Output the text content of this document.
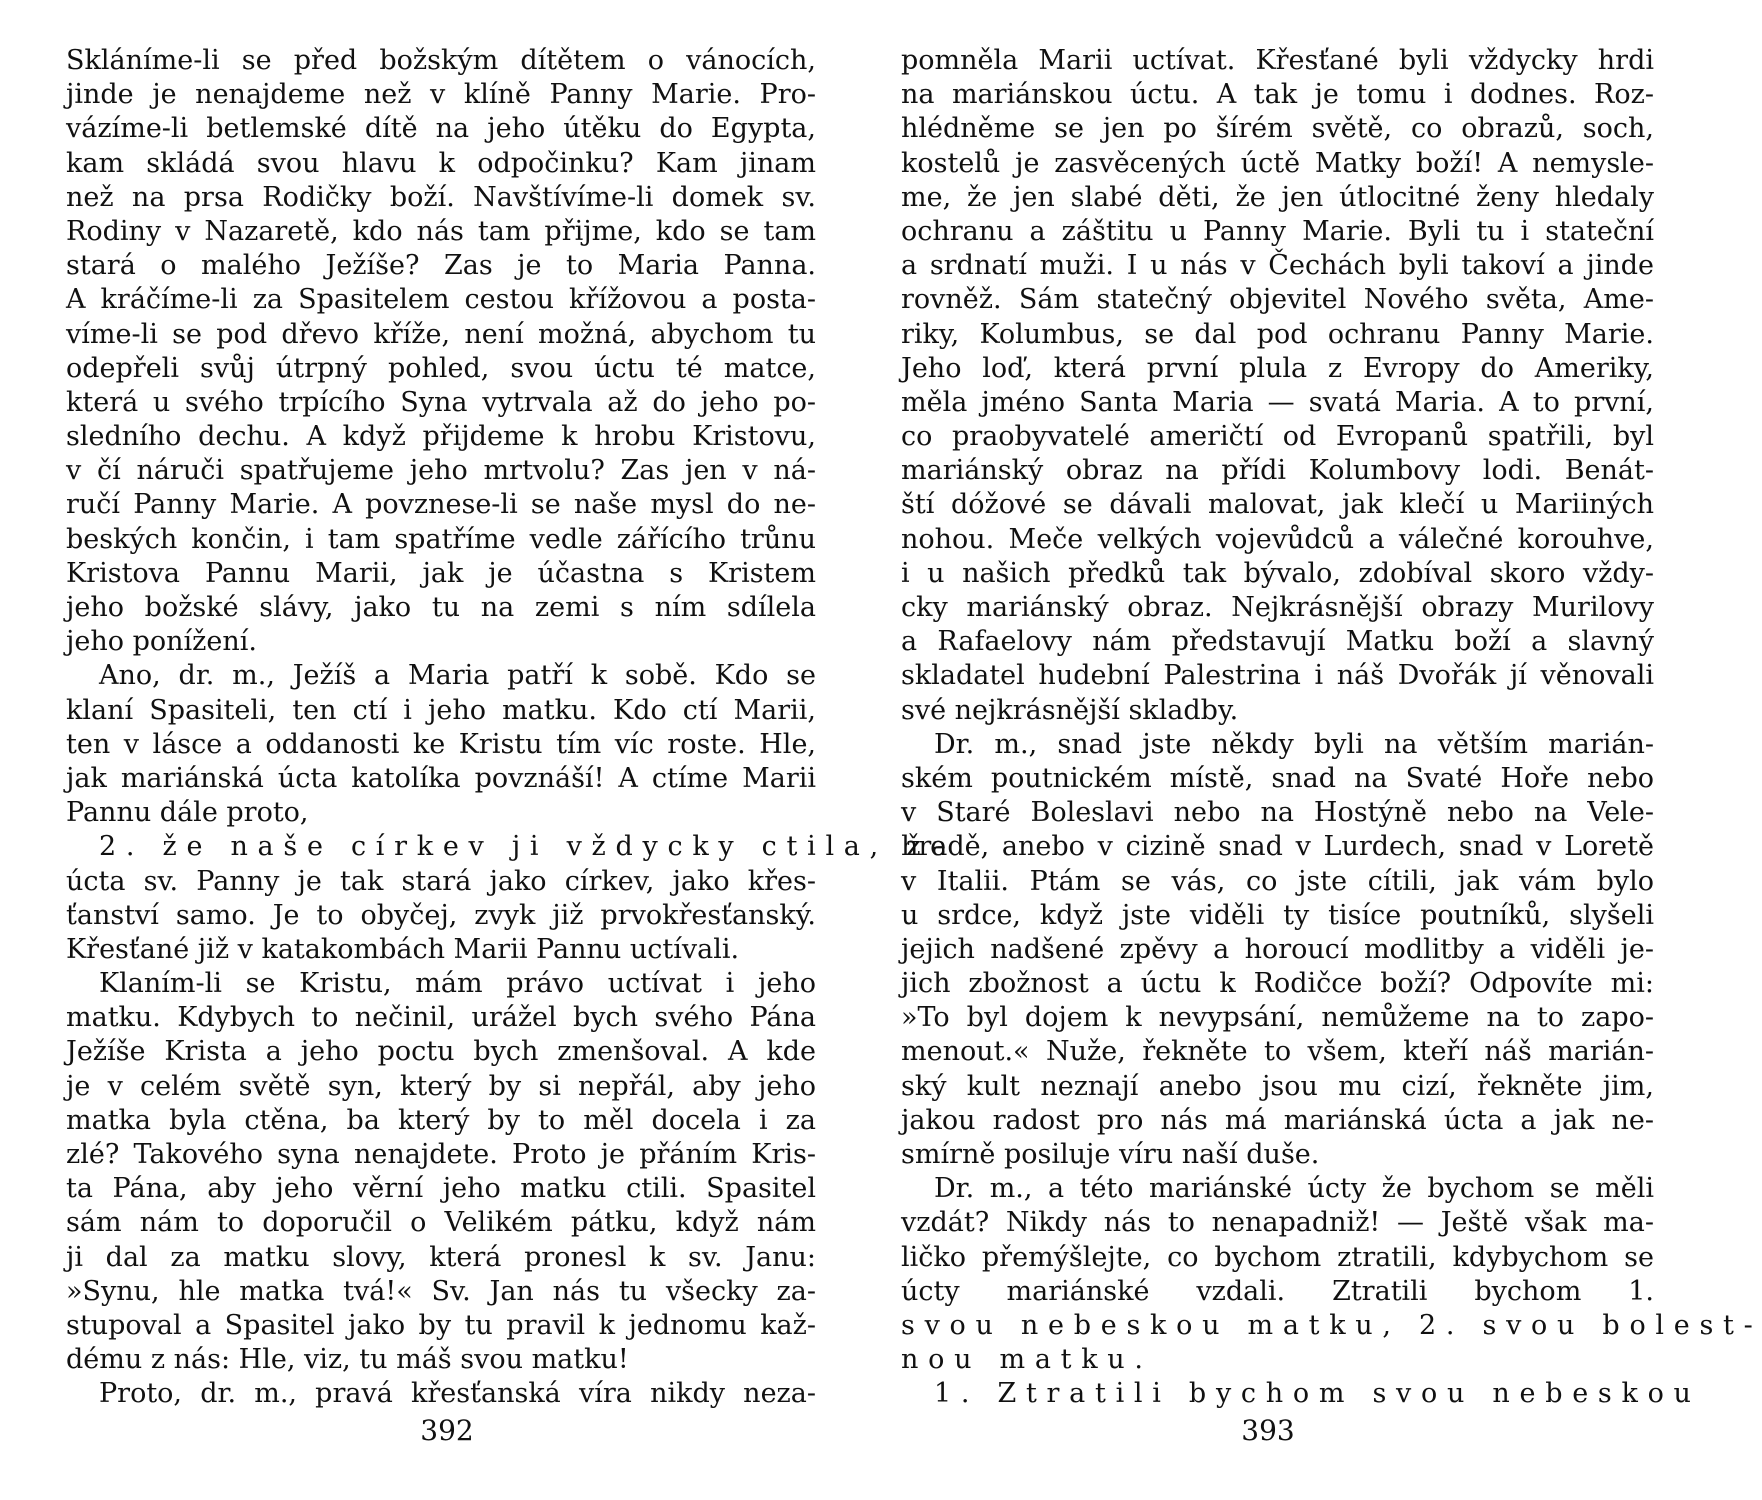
Skláníme-li se před božským dítětem o vánocích,
jinde je nenajdeme než v klíně Panny Marie. Pro-
vázíme-li betlemské dítě na jeho útěku do Egypta,
kam skládá svou hlavu k odpočinku? Kam jinam
než na prsa Rodičky boží. Navštívíme-li domek sv.
Rodiny v Nazaretě, kdo nás tam přijme, kdo se tam
stará o malého Ježíše? Zas je to Maria Panna.
A kráčíme-li za Spasitelem cestou křížovou a posta-
víme-li se pod dřevo kříže, není možná, abychom tu
odepřeli svůj útrpný pohled, svou úctu té matce,
která u svého trpícího Syna vytrvala až do jeho po-
sledního dechu. A když přijdeme k hrobu Kristovu,
v čí náruči spatřujeme jeho mrtvolu? Zas jen v ná-
ručí Panny Marie. A povznese-li se naše mysl do ne-
beských končin, i tam spatříme vedle zářícího trůnu
Kristova Pannu Marii, jak je účastna s Kristem
jeho božské slávy, jako tu na zemi s ním sdílela
jeho ponížení.
Ano, dr. m., Ježíš a Maria patří k sobě. Kdo se
klaní Spasiteli, ten ctí i jeho matku. Kdo ctí Marii,
ten v lásce a oddanosti ke Kristu tím víc roste. Hle,
jak mariánská úcta katolíka povznáší! A ctíme Marii
Pannu dále proto,
2. že naše církev ji vždycky ctila, že
úcta sv. Panny je tak stará jako církev, jako křes-
ťanství samo. Je to obyčej, zvyk již prvokřesťanský.
Křesťané již v katakombách Marii Pannu uctívali.
Klaním-li se Kristu, mám právo uctívat i jeho
matku. Kdybych to nečinil, urážel bych svého Pána
Ježíše Krista a jeho poctu bych zmenšoval. A kde
je v celém světě syn, který by si nepřál, aby jeho
matka byla ctěna, ba který by to měl docela i za
zlé? Takového syna nenajdete. Proto je přáním Kris-
ta Pána, aby jeho věrní jeho matku ctili. Spasitel
sám nám to doporučil o Velikém pátku, když nám
ji dal za matku slovy, která pronesl k sv. Janu:
»Synu, hle matka tvá!« Sv. Jan nás tu všecky za-
stupoval a Spasitel jako by tu pravil k jednomu kaž-
dému z nás: Hle, viz, tu máš svou matku!
Proto, dr. m., pravá křesťanská víra nikdy neza-
392
pomněla Marii uctívat. Křesťané byli vždycky hrdi
na mariánskou úctu. A tak je tomu i dodnes. Roz-
hlédněme se jen po šírém světě, co obrazů, soch,
kostelů je zasvěcených úctě Matky boží! A nemysle-
me, že jen slabé děti, že jen útlocitné ženy hledaly
ochranu a záštitu u Panny Marie. Byli tu i stateční
a srdnatí muži. I u nás v Čechách byli takoví a jinde
rovněž. Sám statečný objevitel Nového světa, Ame-
riky, Kolumbus, se dal pod ochranu Panny Marie.
Jeho loď, která první plula z Evropy do Ameriky,
měla jméno Santa Maria — svatá Maria. A to první,
co praobyvatelé američtí od Evropanů spatřili, byl
mariánský obraz na přídi Kolumbovy lodi. Benát-
ští dóžové se dávali malovat, jak klečí u Mariiných
nohou. Meče velkých vojevůdců a válečné korouhve,
i u našich předků tak bývalo, zdobíval skoro vždy-
cky mariánský obraz. Nejkrásnější obrazy Murilovy
a Rafaelovy nám představují Matku boží a slavný
skladatel hudební Palestrina i náš Dvořák jí věnovali
své nejkrásnější skladby.
Dr. m., snad jste někdy byli na větším marián-
ském poutnickém místě, snad na Svaté Hoře nebo
v Staré Boleslavi nebo na Hostýně nebo na Vele-
hradě, anebo v cizině snad v Lurdech, snad v Loretě
v Italii. Ptám se vás, co jste cítili, jak vám bylo
u srdce, když jste viděli ty tisíce poutníků, slyšeli
jejich nadšené zpěvy a horoucí modlitby a viděli je-
jich zbožnost a úctu k Rodičce boží? Odpovíte mi:
»To byl dojem k nevypsání, nemůžeme na to zapo-
menout.« Nuže, řekněte to všem, kteří náš marián-
ský kult neznají anebo jsou mu cizí, řekněte jim,
jakou radost pro nás má mariánská úcta a jak ne-
smírně posiluje víru naší duše.
Dr. m., a této mariánské úcty že bychom se měli
vzdát? Nikdy nás to nenapadniž! — Ještě však ma-
ličko přemýšlejte, co bychom ztratili, kdybychom se
úcty mariánské vzdali. Ztratili bychom 1.
svou nebeskou matku, 2. svou bolest-
nou matku.
1. Ztratili bychom svou nebeskou
393
